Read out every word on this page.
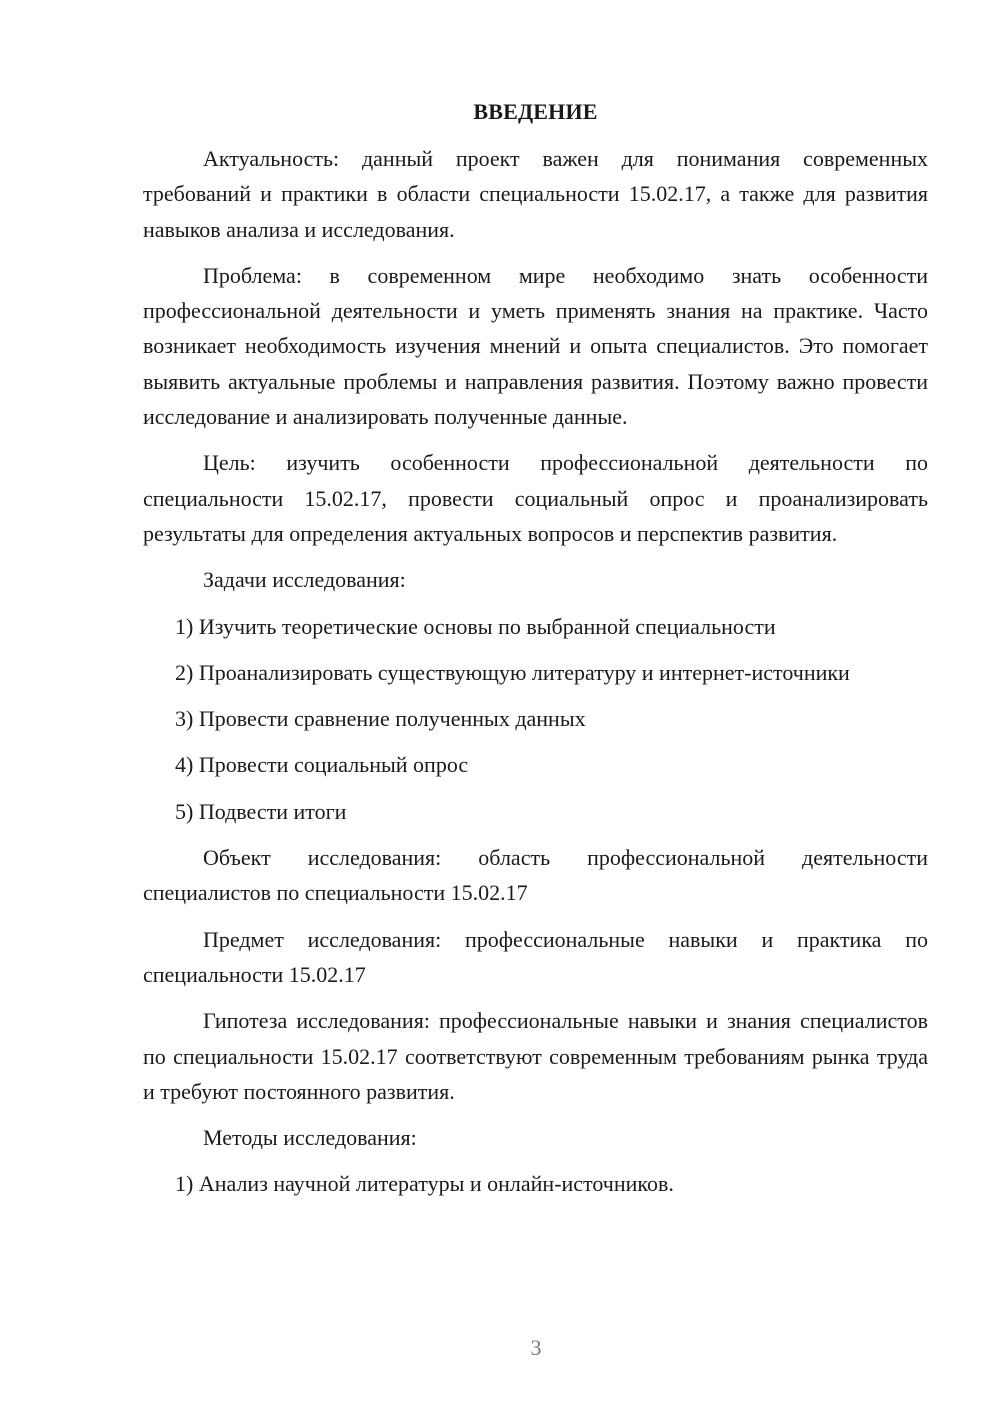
ВВЕДЕНИЕ

Актуальность: данный проект важен для понимания современных требований и практики в области специальности 15.02.17, а также для развития навыков анализа и исследования.

Проблема: в современном мире необходимо знать особенности профессиональной деятельности и уметь применять знания на практике. Часто возникает необходимость изучения мнений и опыта специалистов. Это помогает выявить актуальные проблемы и направления развития. Поэтому важно провести исследование и анализировать полученные данные.

Цель: изучить особенности профессиональной деятельности по специальности 15.02.17, провести социальный опрос и проанализировать результаты для определения актуальных вопросов и перспектив развития.

Задачи исследования:

1) Изучить теоретические основы по выбранной специальности

2) Проанализировать существующую литературу и интернет-источники

3) Провести сравнение полученных данных

4) Провести социальный опрос

5) Подвести итоги

Объект исследования: область профессиональной деятельности специалистов по специальности 15.02.17

Предмет исследования: профессиональные навыки и практика по специальности 15.02.17

Гипотеза исследования: профессиональные навыки и знания специалистов по специальности 15.02.17 соответствуют современным требованиям рынка труда и требуют постоянного развития.

Методы исследования:

1) Анализ научной литературы и онлайн-источников.

3
